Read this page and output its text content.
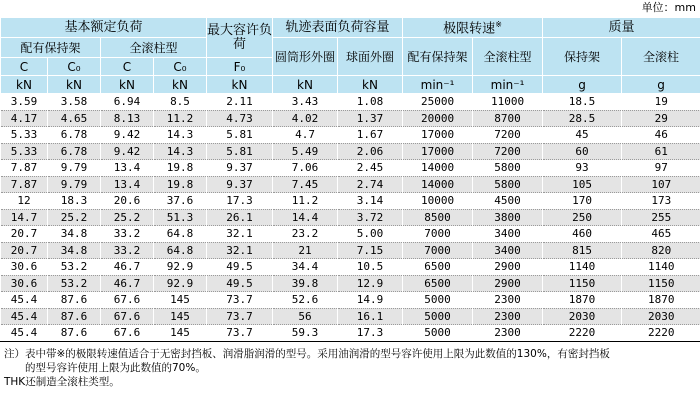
单位：mm
基本额定负荷				最大容许负荷	轨迹表面负荷容量		极限转速※		质量	
配有保持架		全滚柱型			圆筒形外圈	球面外圈	配有保持架	全滚柱型	保持架	全滚柱
C	C₀	C	C₀	F₀						
kN	kN	kN	kN	kN	kN	kN	min⁻¹	min⁻¹	g	g
3.59	3.58	6.94	8.5	2.11	3.43	1.08	25000	11000	18.5	19
4.17	4.65	8.13	11.2	4.73	4.02	1.37	20000	8700	28.5	29
5.33	6.78	9.42	14.3	5.81	4.7	1.67	17000	7200	45	46
5.33	6.78	9.42	14.3	5.81	5.49	2.06	17000	7200	60	61
7.87	9.79	13.4	19.8	9.37	7.06	2.45	14000	5800	93	97
7.87	9.79	13.4	19.8	9.37	7.45	2.74	14000	5800	105	107
12	18.3	20.6	37.6	17.3	11.2	3.14	10000	4500	170	173
14.7	25.2	25.2	51.3	26.1	14.4	3.72	8500	3800	250	255
20.7	34.8	33.2	64.8	32.1	23.2	5.00	7000	3400	460	465
20.7	34.8	33.2	64.8	32.1	21	7.15	7000	3400	815	820
30.6	53.2	46.7	92.9	49.5	34.4	10.5	6500	2900	1140	1140
30.6	53.2	46.7	92.9	49.5	39.8	12.9	6500	2900	1150	1150
45.4	87.6	67.6	145	73.7	52.6	14.9	5000	2300	1870	1870
45.4	87.6	67.6	145	73.7	56	16.1	5000	2300	2030	2030
45.4	87.6	67.6	145	73.7	59.3	17.3	5000	2300	2220	2220
注）表中带※的极限转速值适合于无密封挡板、润滑脂润滑的型号。采用油润滑的型号容许使用上限为此数值的130%，有密封挡板
　　的型号容许使用上限为此数值的70%。
THK还制造全滚柱类型。
